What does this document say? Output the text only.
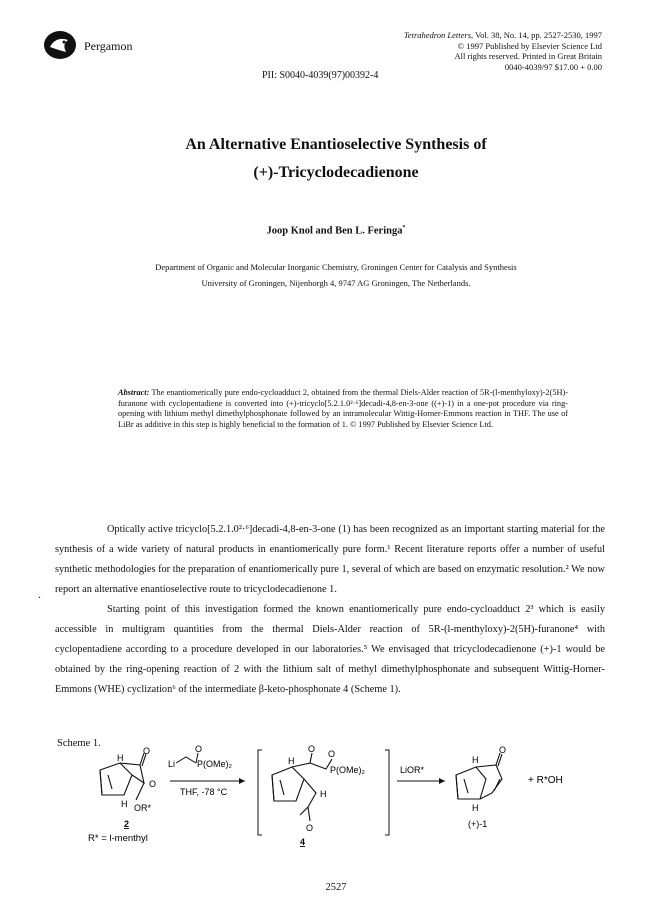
Pergamon
Tetrahedron Letters, Vol. 38, No. 14, pp. 2527-2530, 1997
© 1997 Published by Elsevier Science Ltd
All rights reserved. Printed in Great Britain
0040-4039/97 $17.00 + 0.00
PII: S0040-4039(97)00392-4
An Alternative Enantioselective Synthesis of
(+)-Tricyclodecadienone
Joop Knol and Ben L. Feringa*
Department of Organic and Molecular Inorganic Chemistry, Groningen Center for Catalysis and Synthesis
University of Groningen, Nijenborgh 4, 9747 AG Groningen, The Netherlands.
Abstract: The enantiomerically pure endo-cycloadduct 2, obtained from the thermal Diels-Alder reaction of 5R-(l-menthyloxy)-2(5H)-furanone with cyclopentadiene is converted into (+)-tricyclo[5.2.1.0²·⁶]decadi-4,8-en-3-one ((+)-1) in a one-pot procedure via ring-opening with lithium methyl dimethylphosphonate followed by an intramolecular Wittig-Horner-Emmons reaction in THF. The use of LiBr as additive in this step is highly beneficial to the formation of 1. © 1997 Published by Elsevier Science Ltd.
.

Optically active tricyclo[5.2.1.0²·⁶]decadi-4,8-en-3-one (1) has been recognized as an important starting material for the synthesis of a wide variety of natural products in enantiomerically pure form.¹ Recent literature reports offer a number of useful synthetic methodologies for the preparation of enantiomerically pure 1, several of which are based on enzymatic resolution.² We now report an alternative enantioselective route to tricyclodecadienone 1.

Starting point of this investigation formed the known enantiomerically pure endo-cycloadduct 2³ which is easily accessible in multigram quantities from the thermal Diels-Alder reaction of 5R-(l-menthyloxy)-2(5H)-furanone⁴ with cyclopentadiene according to a procedure developed in our laboratories.⁵ We envisaged that tricyclodecadienone (+)-1 would be obtained by the ring-opening reaction of 2 with the lithium salt of methyl dimethylphosphonate and subsequent Wittig-Horner-Emmons (WHE) cyclization⁶ of the intermediate β-keto-phosphonate 4 (Scheme 1).

Scheme 1.
H
O
O
H OR*
2
R* = l-menthyl
Li
O
P(OMe)₂
THF, -78 °C
H
O O
P(OMe)₂
H
O
4
LiOR*
H
O
H
(+)-1
+ R*OH
2527
